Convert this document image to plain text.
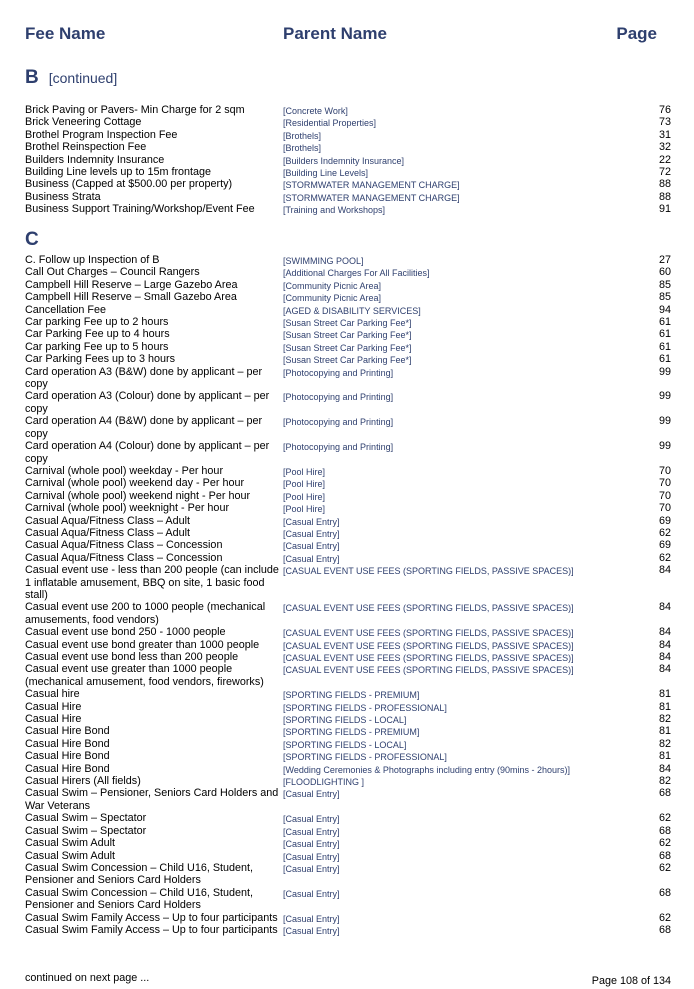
Fee Name	Parent Name	Page
B [continued]
Brick Paving or Pavers- Min Charge for 2 sqm	[Concrete Work]	76
Brick Veneering Cottage	[Residential Properties]	73
Brothel Program Inspection Fee	[Brothels]	31
Brothel Reinspection Fee	[Brothels]	32
Builders Indemnity Insurance	[Builders Indemnity Insurance]	22
Building Line levels up to 15m frontage	[Building Line Levels]	72
Business (Capped at $500.00 per property)	[STORMWATER MANAGEMENT CHARGE]	88
Business Strata	[STORMWATER MANAGEMENT CHARGE]	88
Business Support Training/Workshop/Event Fee	[Training and Workshops]	91
C
C. Follow up Inspection of B	[SWIMMING POOL]	27
Call Out Charges – Council Rangers	[Additional Charges For All Facilities]	60
Campbell Hill Reserve – Large Gazebo Area	[Community Picnic Area]	85
Campbell Hill Reserve – Small Gazebo Area	[Community Picnic Area]	85
Cancellation Fee	[AGED & DISABILITY SERVICES]	94
Car parking Fee up to 2 hours	[Susan Street Car Parking Fee*]	61
Car Parking Fee up to 4 hours	[Susan Street Car Parking Fee*]	61
Car parking Fee up to 5 hours	[Susan Street Car Parking Fee*]	61
Car Parking Fees up to 3 hours	[Susan Street Car Parking Fee*]	61
Card operation A3 (B&W) done by applicant – per copy
[Photocopying and Printing]	99
Card operation A3 (Colour) done by applicant – per copy
[Photocopying and Printing]	99
Card operation A4 (B&W) done by applicant – per copy
[Photocopying and Printing]	99
Card operation A4 (Colour) done by applicant – per copy
[Photocopying and Printing]	99
Carnival (whole pool) weekday - Per hour	[Pool Hire]	70
Carnival (whole pool) weekend day - Per hour	[Pool Hire]	70
Carnival (whole pool) weekend night - Per hour	[Pool Hire]	70
Carnival (whole pool) weeknight - Per hour	[Pool Hire]	70
Casual Aqua/Fitness Class – Adult	[Casual Entry]	69
Casual Aqua/Fitness Class – Adult	[Casual Entry]	62
Casual Aqua/Fitness Class – Concession	[Casual Entry]	69
Casual Aqua/Fitness Class – Concession	[Casual Entry]	62
Casual event use - less than 200 people (can include 1 inflatable amusement, BBQ on site, 1 basic food stall)
[CASUAL EVENT USE FEES (SPORTING FIELDS, PASSIVE SPACES)]	84
Casual event use 200 to 1000 people (mechanical amusements, food vendors)
[CASUAL EVENT USE FEES (SPORTING FIELDS, PASSIVE SPACES)]	84
Casual event use bond 250 - 1000 people	[CASUAL EVENT USE FEES (SPORTING FIELDS, PASSIVE SPACES)]	84
Casual event use bond greater than 1000 people	[CASUAL EVENT USE FEES (SPORTING FIELDS, PASSIVE SPACES)]	84
Casual event use bond less than 200 people	[CASUAL EVENT USE FEES (SPORTING FIELDS, PASSIVE SPACES)]	84
Casual event use greater than 1000 people (mechanical amusement, food vendors, fireworks)
[CASUAL EVENT USE FEES (SPORTING FIELDS, PASSIVE SPACES)]	84
Casual hire	[SPORTING FIELDS - PREMIUM]	81
Casual Hire	[SPORTING FIELDS - PROFESSIONAL]	81
Casual Hire	[SPORTING FIELDS - LOCAL]	82
Casual Hire Bond	[SPORTING FIELDS - PREMIUM]	81
Casual Hire Bond	[SPORTING FIELDS - LOCAL]	82
Casual Hire Bond	[SPORTING FIELDS - PROFESSIONAL]	81
Casual Hire Bond	[Wedding Ceremonies & Photographs including entry (90mins - 2hours)]	84
Casual Hirers (All fields)	[FLOODLIGHTING ]	82
Casual Swim – Pensioner, Seniors Card Holders and War Veterans
[Casual Entry]	68
Casual Swim – Spectator	[Casual Entry]	62
Casual Swim – Spectator	[Casual Entry]	68
Casual Swim Adult	[Casual Entry]	62
Casual Swim Adult	[Casual Entry]	68
Casual Swim Concession – Child U16, Student, Pensioner and Seniors Card Holders
[Casual Entry]	62
Casual Swim Concession – Child U16, Student, Pensioner and Seniors Card Holders
[Casual Entry]	68
Casual Swim Family Access – Up to four participants [Casual Entry]	62
Casual Swim Family Access – Up to four participants [Casual Entry]	68
continued on next page ...	Page 108 of 134
